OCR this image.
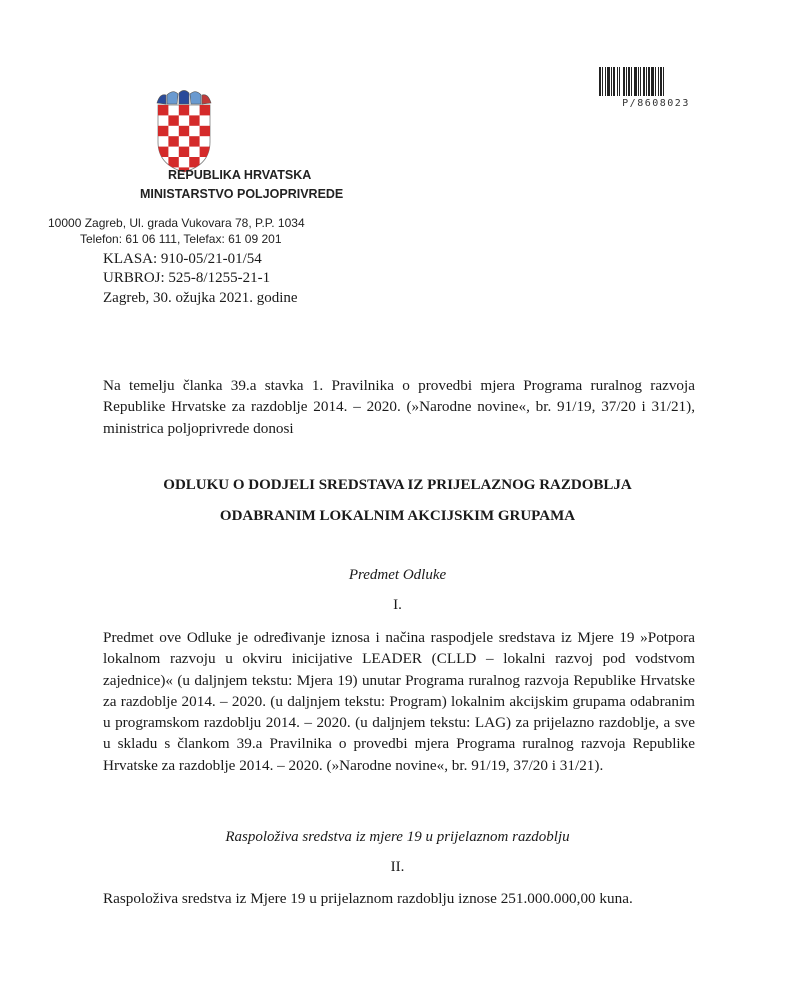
P/8608023
REPUBLIKA HRVATSKA
MINISTARSTVO POLJOPRIVREDE
10000 Zagreb, Ul. grada Vukovara 78, P.P. 1034
Telefon: 61 06 111, Telefax: 61 09 201
KLASA: 910-05/21-01/54
URBROJ: 525-8/1255-21-1
Zagreb, 30. ožujka 2021. godine
Na temelju članka 39.a stavka 1. Pravilnika o provedbi mjera Programa ruralnog razvoja Republike Hrvatske za razdoblje 2014. – 2020. (»Narodne novine«, br. 91/19, 37/20 i 31/21), ministrica poljoprivrede donosi
ODLUKU O DODJELI SREDSTAVA IZ PRIJELAZNOG RAZDOBLJA
ODABRANIM LOKALNIM AKCIJSKIM GRUPAMA
Predmet Odluke
I.
Predmet ove Odluke je određivanje iznosa i načina raspodjele sredstava iz Mjere 19 »Potpora lokalnom razvoju u okviru inicijative LEADER (CLLD – lokalni razvoj pod vodstvom zajednice)« (u daljnjem tekstu: Mjera 19) unutar Programa ruralnog razvoja Republike Hrvatske za razdoblje 2014. – 2020. (u daljnjem tekstu: Program) lokalnim akcijskim grupama odabranim u programskom razdoblju 2014. – 2020. (u daljnjem tekstu: LAG) za prijelazno razdoblje, a sve u skladu s člankom 39.a Pravilnika o provedbi mjera Programa ruralnog razvoja Republike Hrvatske za razdoblje 2014. – 2020. (»Narodne novine«, br. 91/19, 37/20 i 31/21).
Raspoloživa sredstva iz mjere 19 u prijelaznom razdoblju
II.
Raspoloživa sredstva iz Mjere 19 u prijelaznom razdoblju iznose 251.000.000,00 kuna.
